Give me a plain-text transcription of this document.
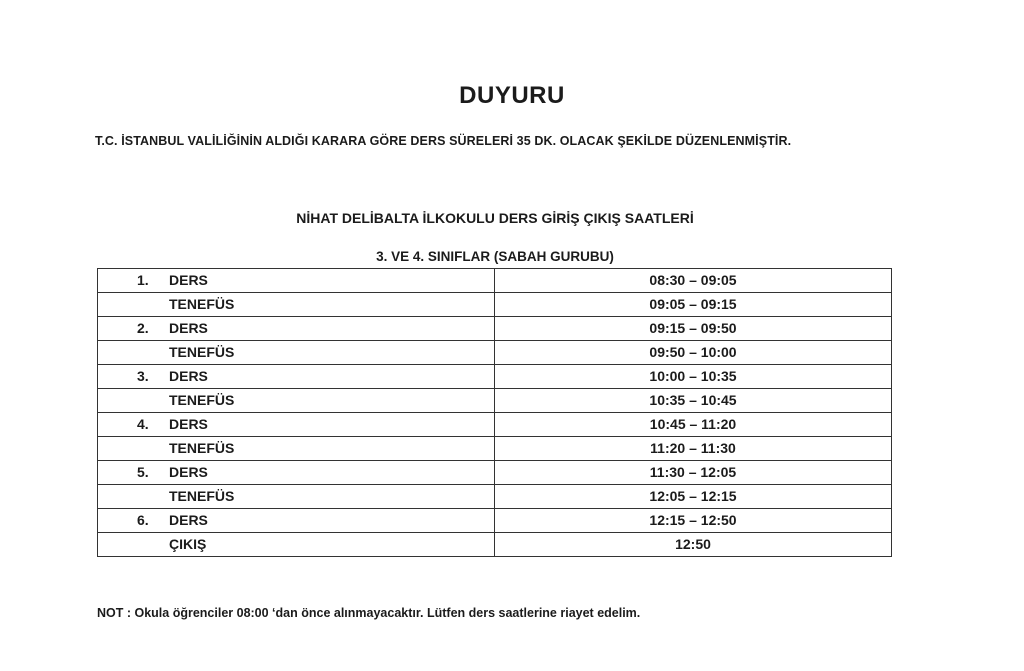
DUYURU
T.C. İSTANBUL VALİLİĞİNİN ALDIĞI KARARA GÖRE DERS SÜRELERİ 35 DK. OLACAK ŞEKİLDE DÜZENLENMİŞTİR.
NİHAT DELİBALTA İLKOKULU DERS GİRİŞ ÇIKIŞ SAATLERİ
3. VE 4. SINIFLAR (SABAH GURUBU)
1. DERS	08:30 – 09:05

TENEFÜS	09:05 – 09:15

2. DERS	09:15 – 09:50

TENEFÜS	09:50 – 10:00

3. DERS	10:00 – 10:35

TENEFÜS	10:35 – 10:45

4. DERS	10:45 – 11:20

TENEFÜS	11:20 – 11:30

5. DERS	11:30 – 12:05

TENEFÜS	12:05 – 12:15

6. DERS	12:15 – 12:50

ÇIKIŞ	12:50
NOT : Okula öğrenciler 08:00 ‘dan önce alınmayacaktır. Lütfen ders saatlerine riayet edelim.
